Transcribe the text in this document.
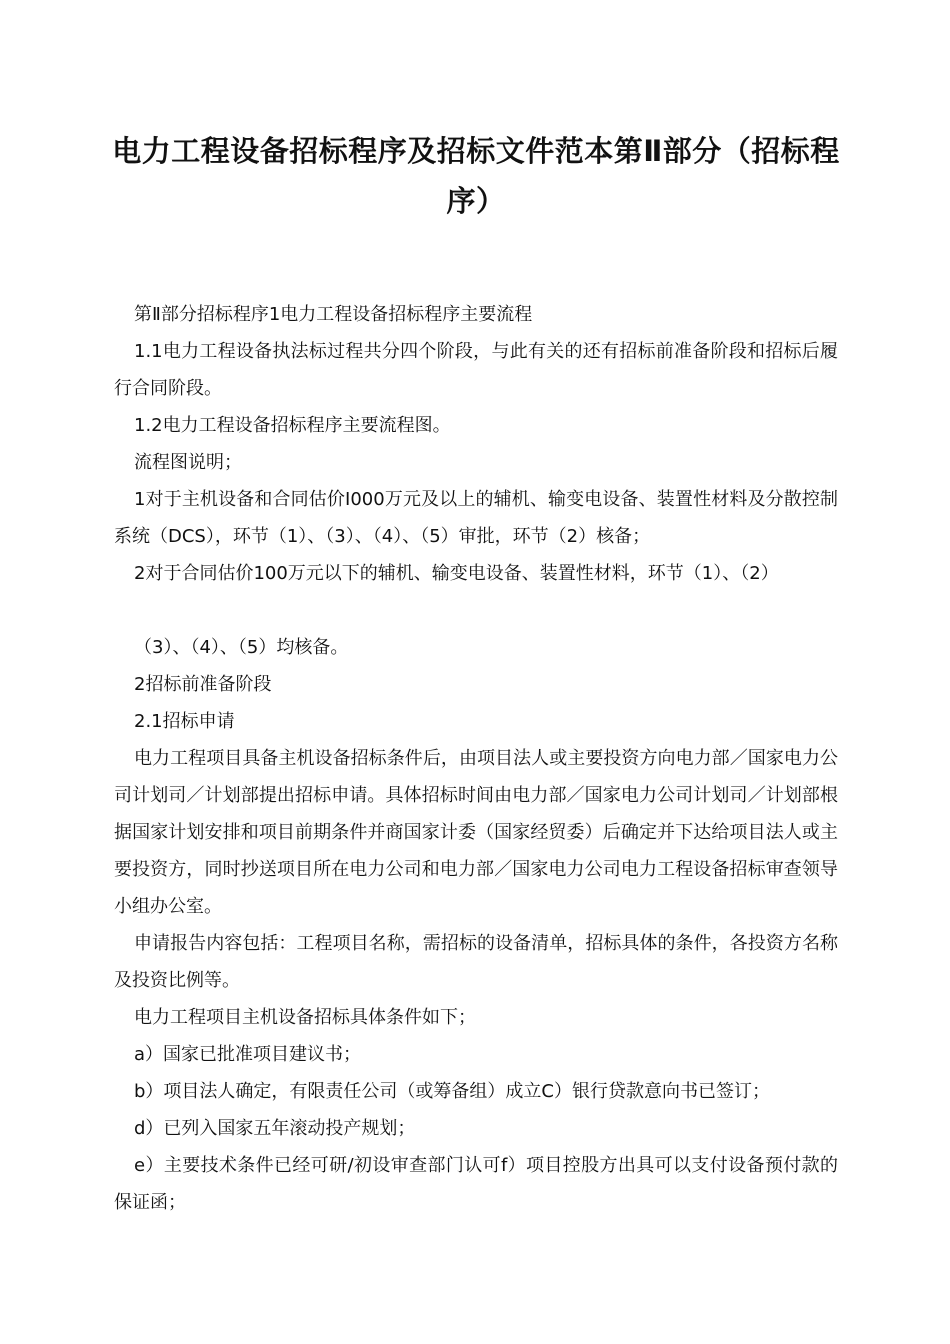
电力工程设备招标程序及招标文件范本第Ⅱ部分（招标程序）

第Ⅱ部分招标程序1电力工程设备招标程序主要流程

1.1电力工程设备执法标过程共分四个阶段，与此有关的还有招标前准备阶段和招标后履行合同阶段。

1.2电力工程设备招标程序主要流程图。

流程图说明；

1对于主机设备和合同估价I000万元及以上的辅机、输变电设备、装置性材料及分散控制系统（DCS），环节（1）、（3）、（4）、（5）审批，环节（2）核备；

2对于合同估价100万元以下的辅机、输变电设备、装置性材料，环节（1）、（2）

（3）、（4）、（5）均核备。

2招标前准备阶段

2.1招标申请

电力工程项目具备主机设备招标条件后，由项目法人或主要投资方向电力部／国家电力公司计划司／计划部提出招标申请。具体招标时间由电力部／国家电力公司计划司／计划部根据国家计划安排和项目前期条件并商国家计委（国家经贸委）后确定并下达给项目法人或主要投资方，同时抄送项目所在电力公司和电力部／国家电力公司电力工程设备招标审查领导小组办公室。

申请报告内容包括：工程项目名称，需招标的设备清单，招标具体的条件，各投资方名称及投资比例等。

电力工程项目主机设备招标具体条件如下；

a）国家已批准项目建议书；

b）项目法人确定，有限责任公司（或筹备组）成立C）银行贷款意向书已签订；

d）已列入国家五年滚动投产规划；

e）主要技术条件已经可研/初设审查部门认可f）项目控股方出具可以支付设备预付款的保证函；
